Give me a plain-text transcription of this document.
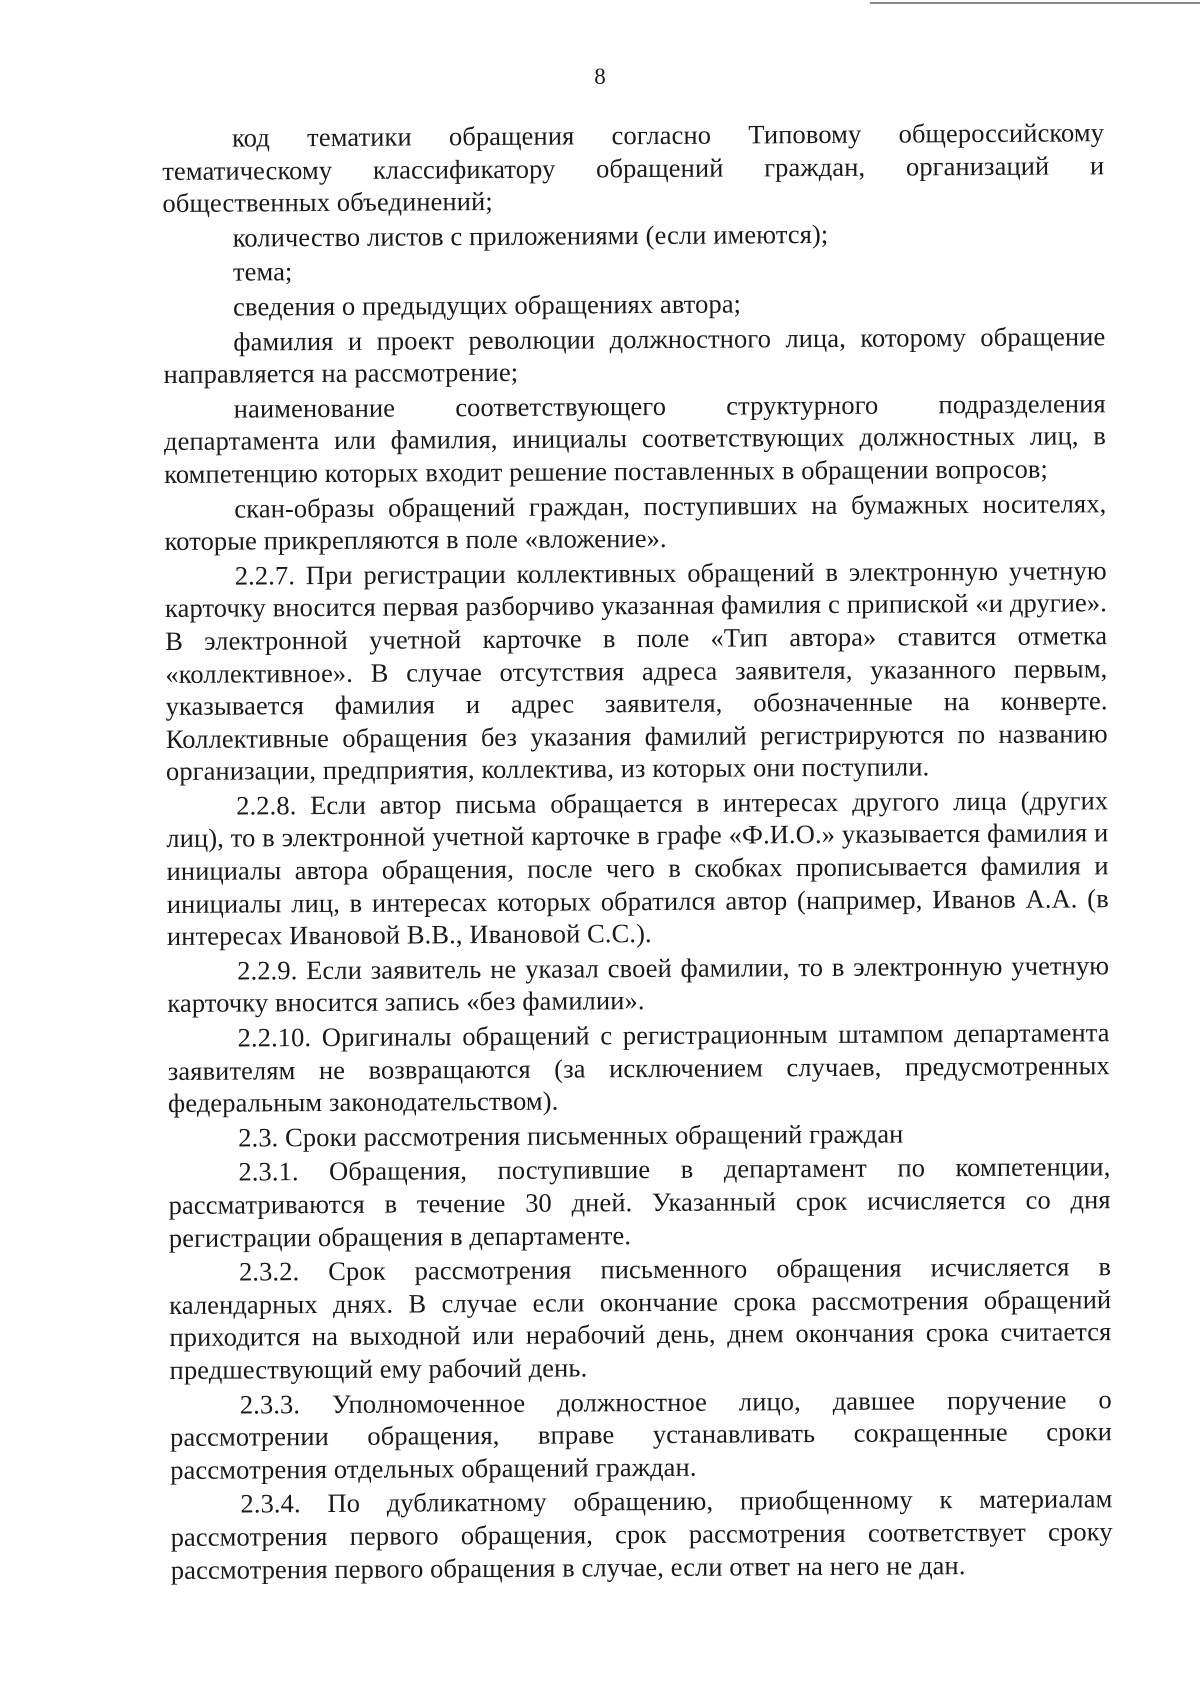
8

код тематики обращения согласно Типовому общероссийскому тематическому классификатору обращений граждан, организаций и общественных объединений;

количество листов с приложениями (если имеются);

тема;

сведения о предыдущих обращениях автора;

фамилия и проект революции должностного лица, которому обращение направляется на рассмотрение;

наименование соответствующего структурного подразделения департамента или фамилия, инициалы соответствующих должностных лиц, в компетенцию которых входит решение поставленных в обращении вопросов;

скан-образы обращений граждан, поступивших на бумажных носителях, которые прикрепляются в поле «вложение».

2.2.7. При регистрации коллективных обращений в электронную учетную карточку вносится первая разборчиво указанная фамилия с припиской «и другие». В электронной учетной карточке в поле «Тип автора» ставится отметка «коллективное». В случае отсутствия адреса заявителя, указанного первым, указывается фамилия и адрес заявителя, обозначенные на конверте. Коллективные обращения без указания фамилий регистрируются по названию организации, предприятия, коллектива, из которых они поступили.

2.2.8. Если автор письма обращается в интересах другого лица (других лиц), то в электронной учетной карточке в графе «Ф.И.О.» указывается фамилия и инициалы автора обращения, после чего в скобках прописывается фамилия и инициалы лиц, в интересах которых обратился автор (например, Иванов А.А. (в интересах Ивановой В.В., Ивановой С.С.).

2.2.9. Если заявитель не указал своей фамилии, то в электронную учетную карточку вносится запись «без фамилии».

2.2.10. Оригиналы обращений с регистрационным штампом департамента заявителям не возвращаются (за исключением случаев, предусмотренных федеральным законодательством).

2.3. Сроки рассмотрения письменных обращений граждан

2.3.1. Обращения, поступившие в департамент по компетенции, рассматриваются в течение 30 дней. Указанный срок исчисляется со дня регистрации обращения в департаменте.

2.3.2. Срок рассмотрения письменного обращения исчисляется в календарных днях. В случае если окончание срока рассмотрения обращений приходится на выходной или нерабочий день, днем окончания срока считается предшествующий ему рабочий день.

2.3.3. Уполномоченное должностное лицо, давшее поручение о рассмотрении обращения, вправе устанавливать сокращенные сроки рассмотрения отдельных обращений граждан.

2.3.4. По дубликатному обращению, приобщенному к материалам рассмотрения первого обращения, срок рассмотрения соответствует сроку рассмотрения первого обращения в случае, если ответ на него не дан.
